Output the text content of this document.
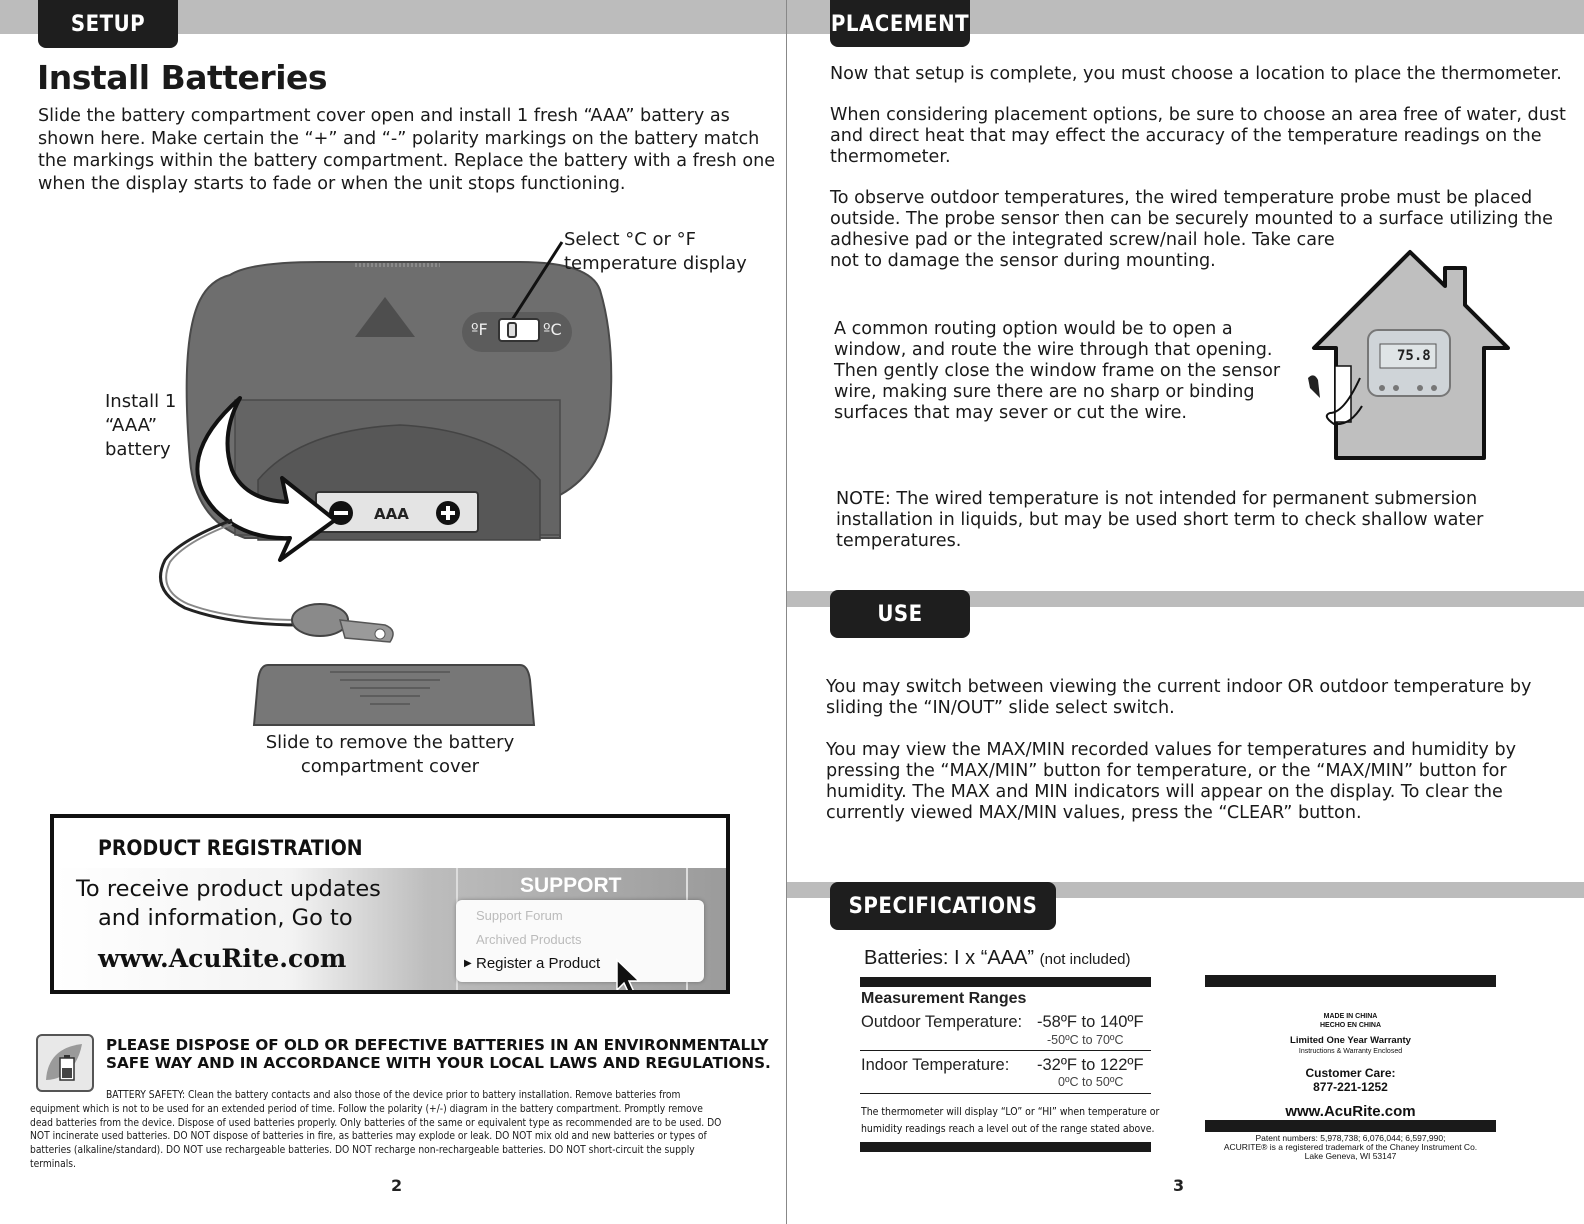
SETUP
Install Batteries
Slide the battery compartment cover open and install 1 fresh “AAA” battery as
shown here. Make certain the “+” and “-” polarity markings on the battery match
the markings within the battery compartment. Replace the battery with a fresh one
when the display starts to fade or when the unit stops functioning.
ºF	ºC
AAA
Select °C or °F
temperature display
Install 1
“AAA”
battery
Slide to remove the battery
compartment cover
SUPPORT
Support Forum
Archived Products
▶ Register a Product
PRODUCT REGISTRATION
To receive product updates
and information, Go to
www.AcuRite.com
PLEASE DISPOSE OF OLD OR DEFECTIVE BATTERIES IN AN ENVIRONMENTALLY
SAFE WAY AND IN ACCORDANCE WITH YOUR LOCAL LAWS AND REGULATIONS.
BATTERY SAFETY: Clean the battery contacts and also those of the device prior to battery installation. Remove batteries from
equipment which is not to be used for an extended period of time. Follow the polarity (+/-) diagram in the battery compartment. Promptly remove
dead batteries from the device. Dispose of used batteries properly. Only batteries of the same or equivalent type as recommended are to be used. DO
NOT incinerate used batteries. DO NOT dispose of batteries in fire, as batteries may explode or leak. DO NOT mix old and new batteries or types of
batteries (alkaline/standard). DO NOT use rechargeable batteries. DO NOT recharge non-rechargeable batteries. DO NOT short-circuit the supply
terminals.
2
PLACEMENT
Now that setup is complete, you must choose a location to place the thermometer.
When considering placement options, be sure to choose an area free of water, dust
and direct heat that may effect the accuracy of the temperature readings on the
thermometer.
To observe outdoor temperatures, the wired temperature probe must be placed
outside. The probe sensor then can be securely mounted to a surface utilizing the
adhesive pad or the integrated screw/nail hole. Take care
not to damage the sensor during mounting.
A common routing option would be to open a
window, and route the wire through that opening.
Then gently close the window frame on the sensor
wire, making sure there are no sharp or binding
surfaces that may sever or cut the wire.
75.8
NOTE: The wired temperature is not intended for permanent submersion
installation in liquids, but may be used short term to check shallow water
temperatures.
USE
You may switch between viewing the current indoor OR outdoor temperature by
sliding the “IN/OUT” slide select switch.
You may view the MAX/MIN recorded values for temperatures and humidity by
pressing the “MAX/MIN” button for temperature, or the “MAX/MIN” button for
humidity. The MAX and MIN indicators will appear on the display. To clear the
currently viewed MAX/MIN values, press the “CLEAR” button.
SPECIFICATIONS
Batteries: I x “AAA” (not included)
Measurement Ranges
Outdoor Temperature: -58ºF to 140ºF
-50ºC to 70ºC
Indoor Temperature: -32ºF to 122ºF
0ºC to 50ºC
The thermometer will display “LO” or “HI” when temperature or
humidity readings reach a level out of the range stated above.
MADE IN CHINA
HECHO EN CHINA
Limited One Year Warranty
Instructions & Warranty Enclosed
Customer Care:
877-221-1252
www.AcuRite.com
Patent numbers: 5,978,738; 6,076,044; 6,597,990;
ACURITE® is a registered trademark of the Chaney Instrument Co.
Lake Geneva, WI 53147
3
